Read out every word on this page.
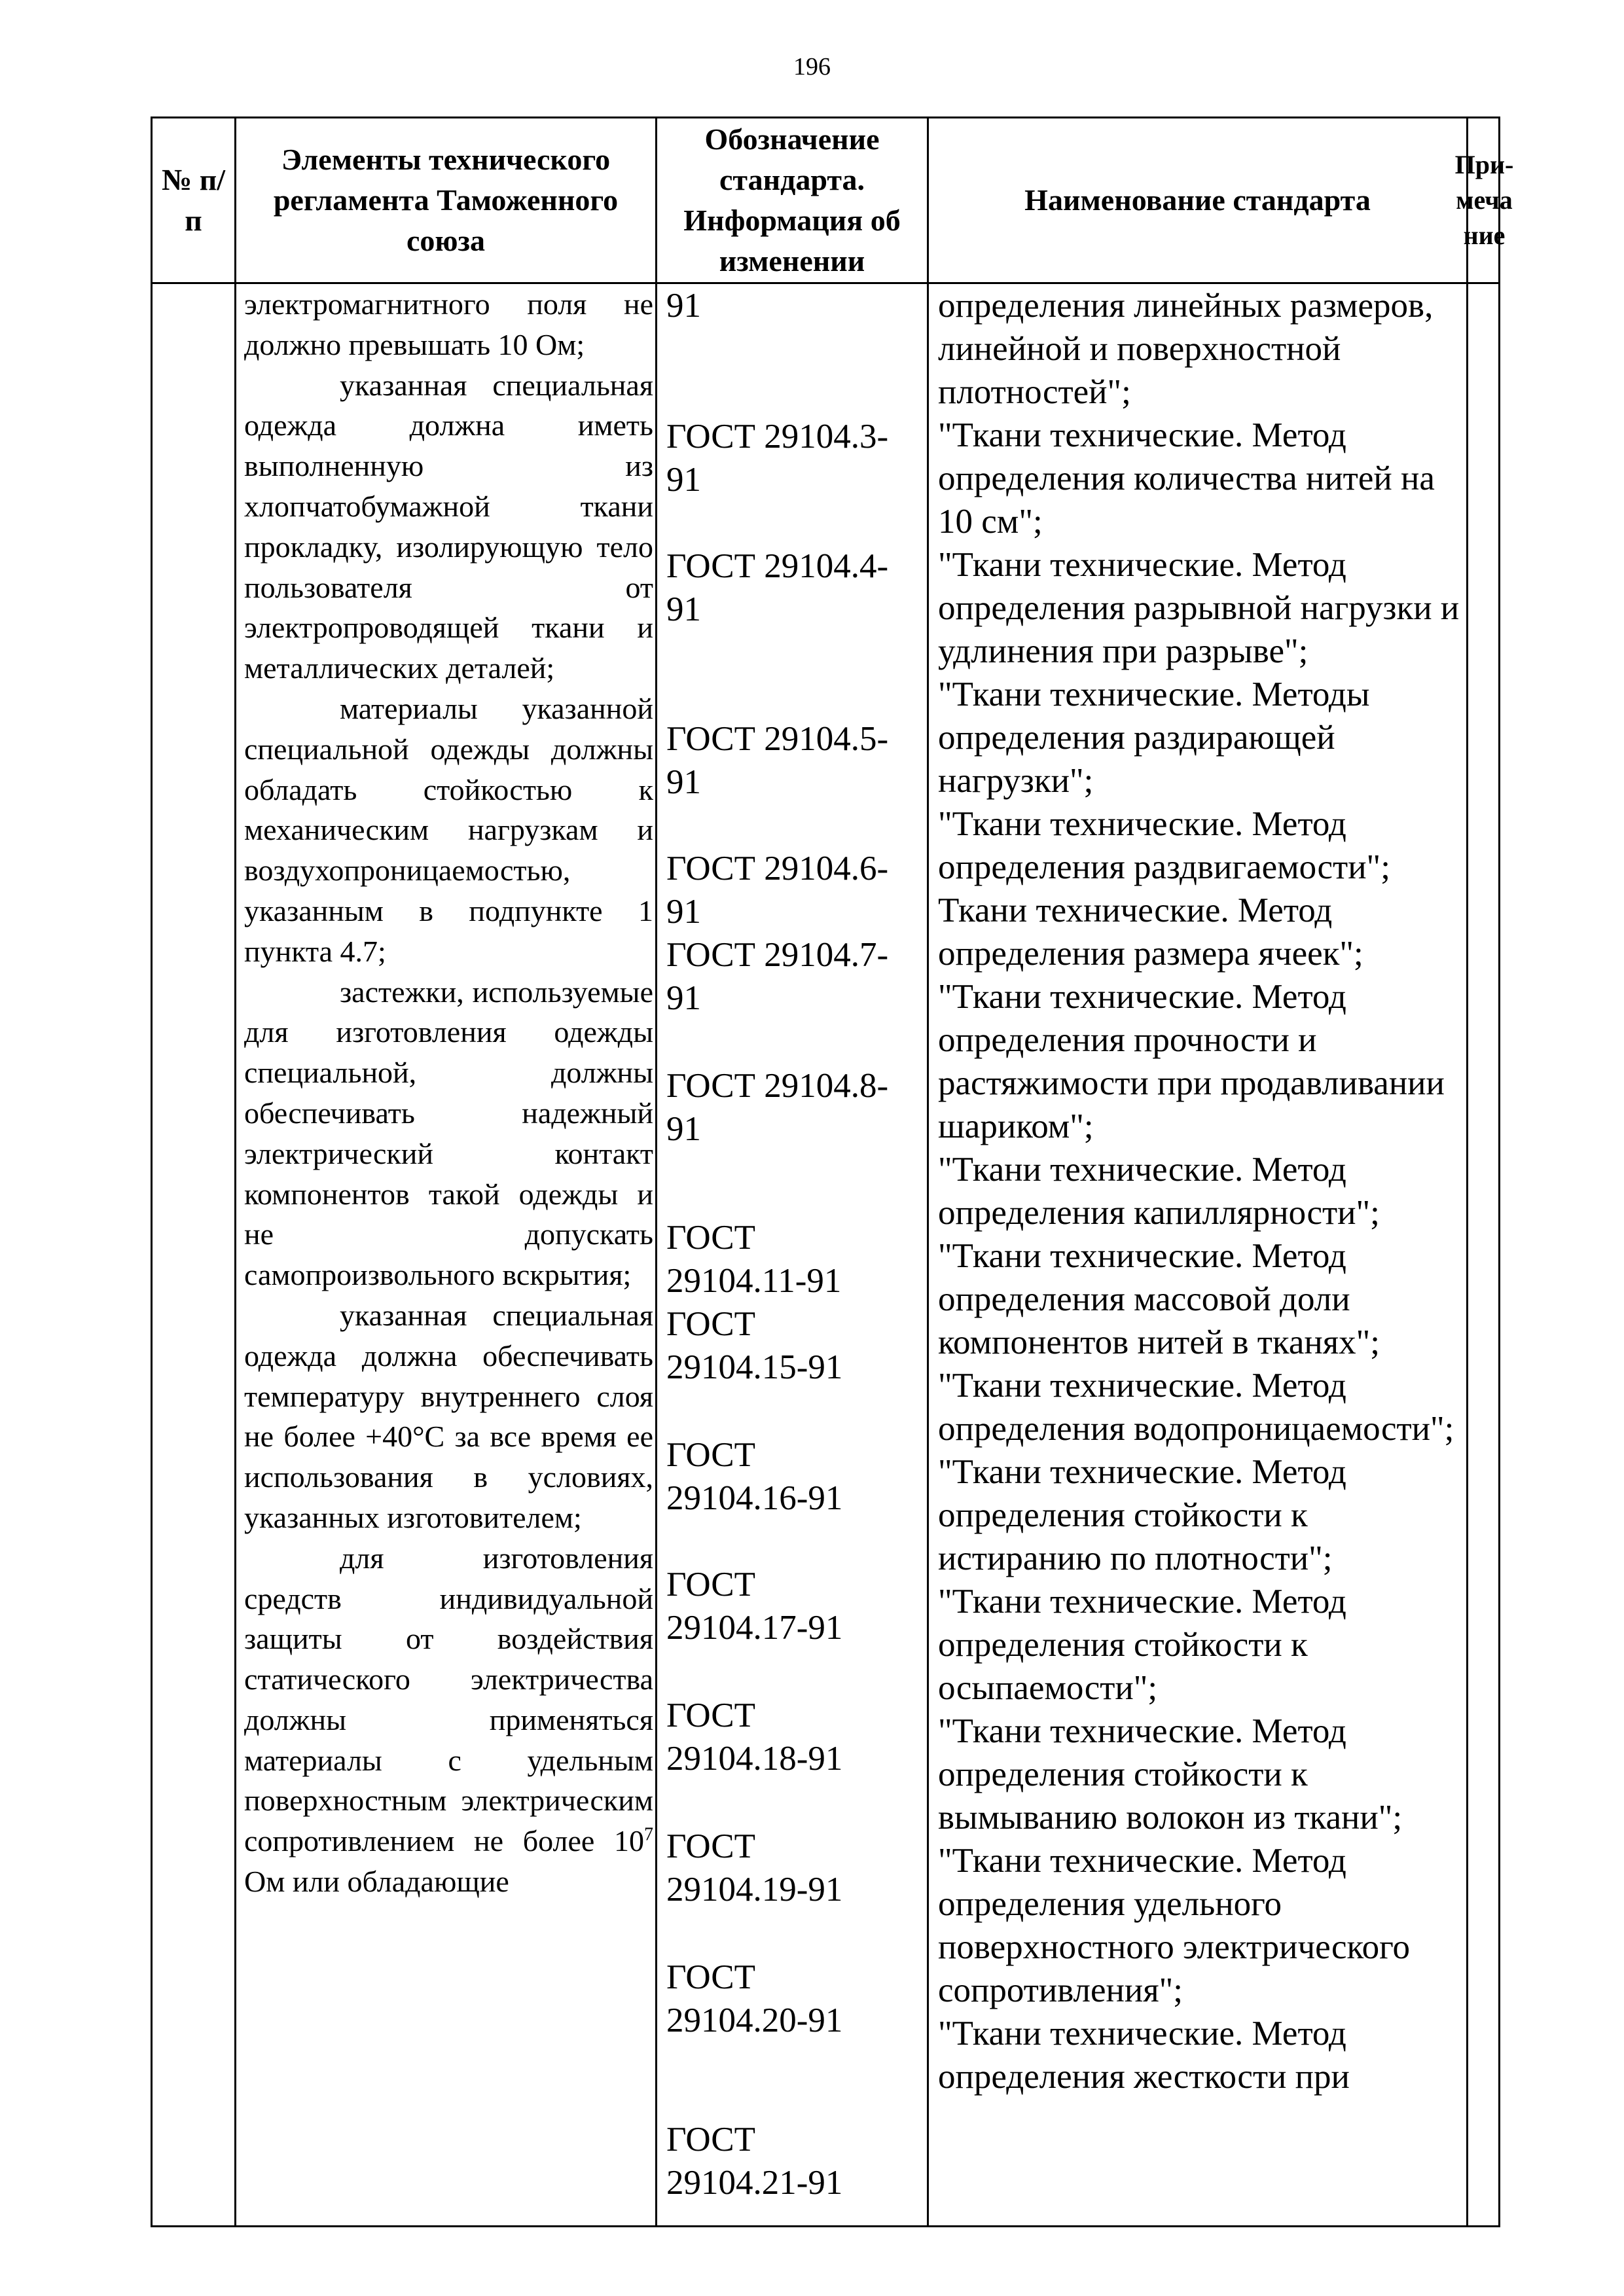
196
№ п/п
Элементы технического регламента Таможенного союза
Обозначение стандарта. Информация об изменении
Наименование стандарта
При-меча ние

электромагнитного поля не должно превышать 10 Ом;

указанная специальная одежда должна иметь выполненную из хлопчатобумажной ткани прокладку, изолирующую тело пользователя от электропроводящей ткани и металлических деталей;

материалы указанной специальной одежды должны обладать стойкостью к механическим нагрузкам и воздухопроницаемостью, указанным в подпункте 1 пункта 4.7;

застежки, используемые для изготовления одежды специальной, должны обеспечивать надежный электрический контакт компонентов такой одежды и не допускать самопроизвольного вскрытия;

указанная специальная одежда должна обеспечивать температуру внутреннего слоя не более +40°С за все время ее использования в условиях, указанных изготовителем;

для изготовления средств индивидуальной защиты от воздействия статического электричества должны применяться материалы с удельным поверхностным электрическим сопротивлением не более $10^7$ Ом или обладающие

91
ГОСТ 29104.3-
91
ГОСТ 29104.4-
91
ГОСТ 29104.5-
91
ГОСТ 29104.6-
91
ГОСТ 29104.7-
91
ГОСТ 29104.8-
91
ГОСТ
29104.11-91
ГОСТ
29104.15-91
ГОСТ
29104.16-91
ГОСТ
29104.17-91
ГОСТ
29104.18-91
ГОСТ
29104.19-91
ГОСТ
29104.20-91
ГОСТ
29104.21-91

определения линейных размеров, линейной и поверхностной плотностей";

"Ткани технические. Метод определения количества нитей на 10 см";

"Ткани технические. Метод определения разрывной нагрузки и удлинения при разрыве";

"Ткани технические. Методы определения раздирающей нагрузки";

"Ткани технические. Метод определения раздвигаемости";

Ткани технические. Метод определения размера ячеек";

"Ткани технические. Метод определения прочности и растяжимости при продавливании шариком";

"Ткани технические. Метод определения капиллярности";

"Ткани технические. Метод определения массовой доли компонентов нитей в тканях";

"Ткани технические. Метод определения водопроницаемости";

"Ткани технические. Метод определения стойкости к истиранию по плотности";

"Ткани технические. Метод определения стойкости к осыпаемости";

"Ткани технические. Метод определения стойкости к вымыванию волокон из ткани";

"Ткани технические. Метод определения удельного поверхностного электрического сопротивления";

"Ткани технические. Метод определения жесткости при
